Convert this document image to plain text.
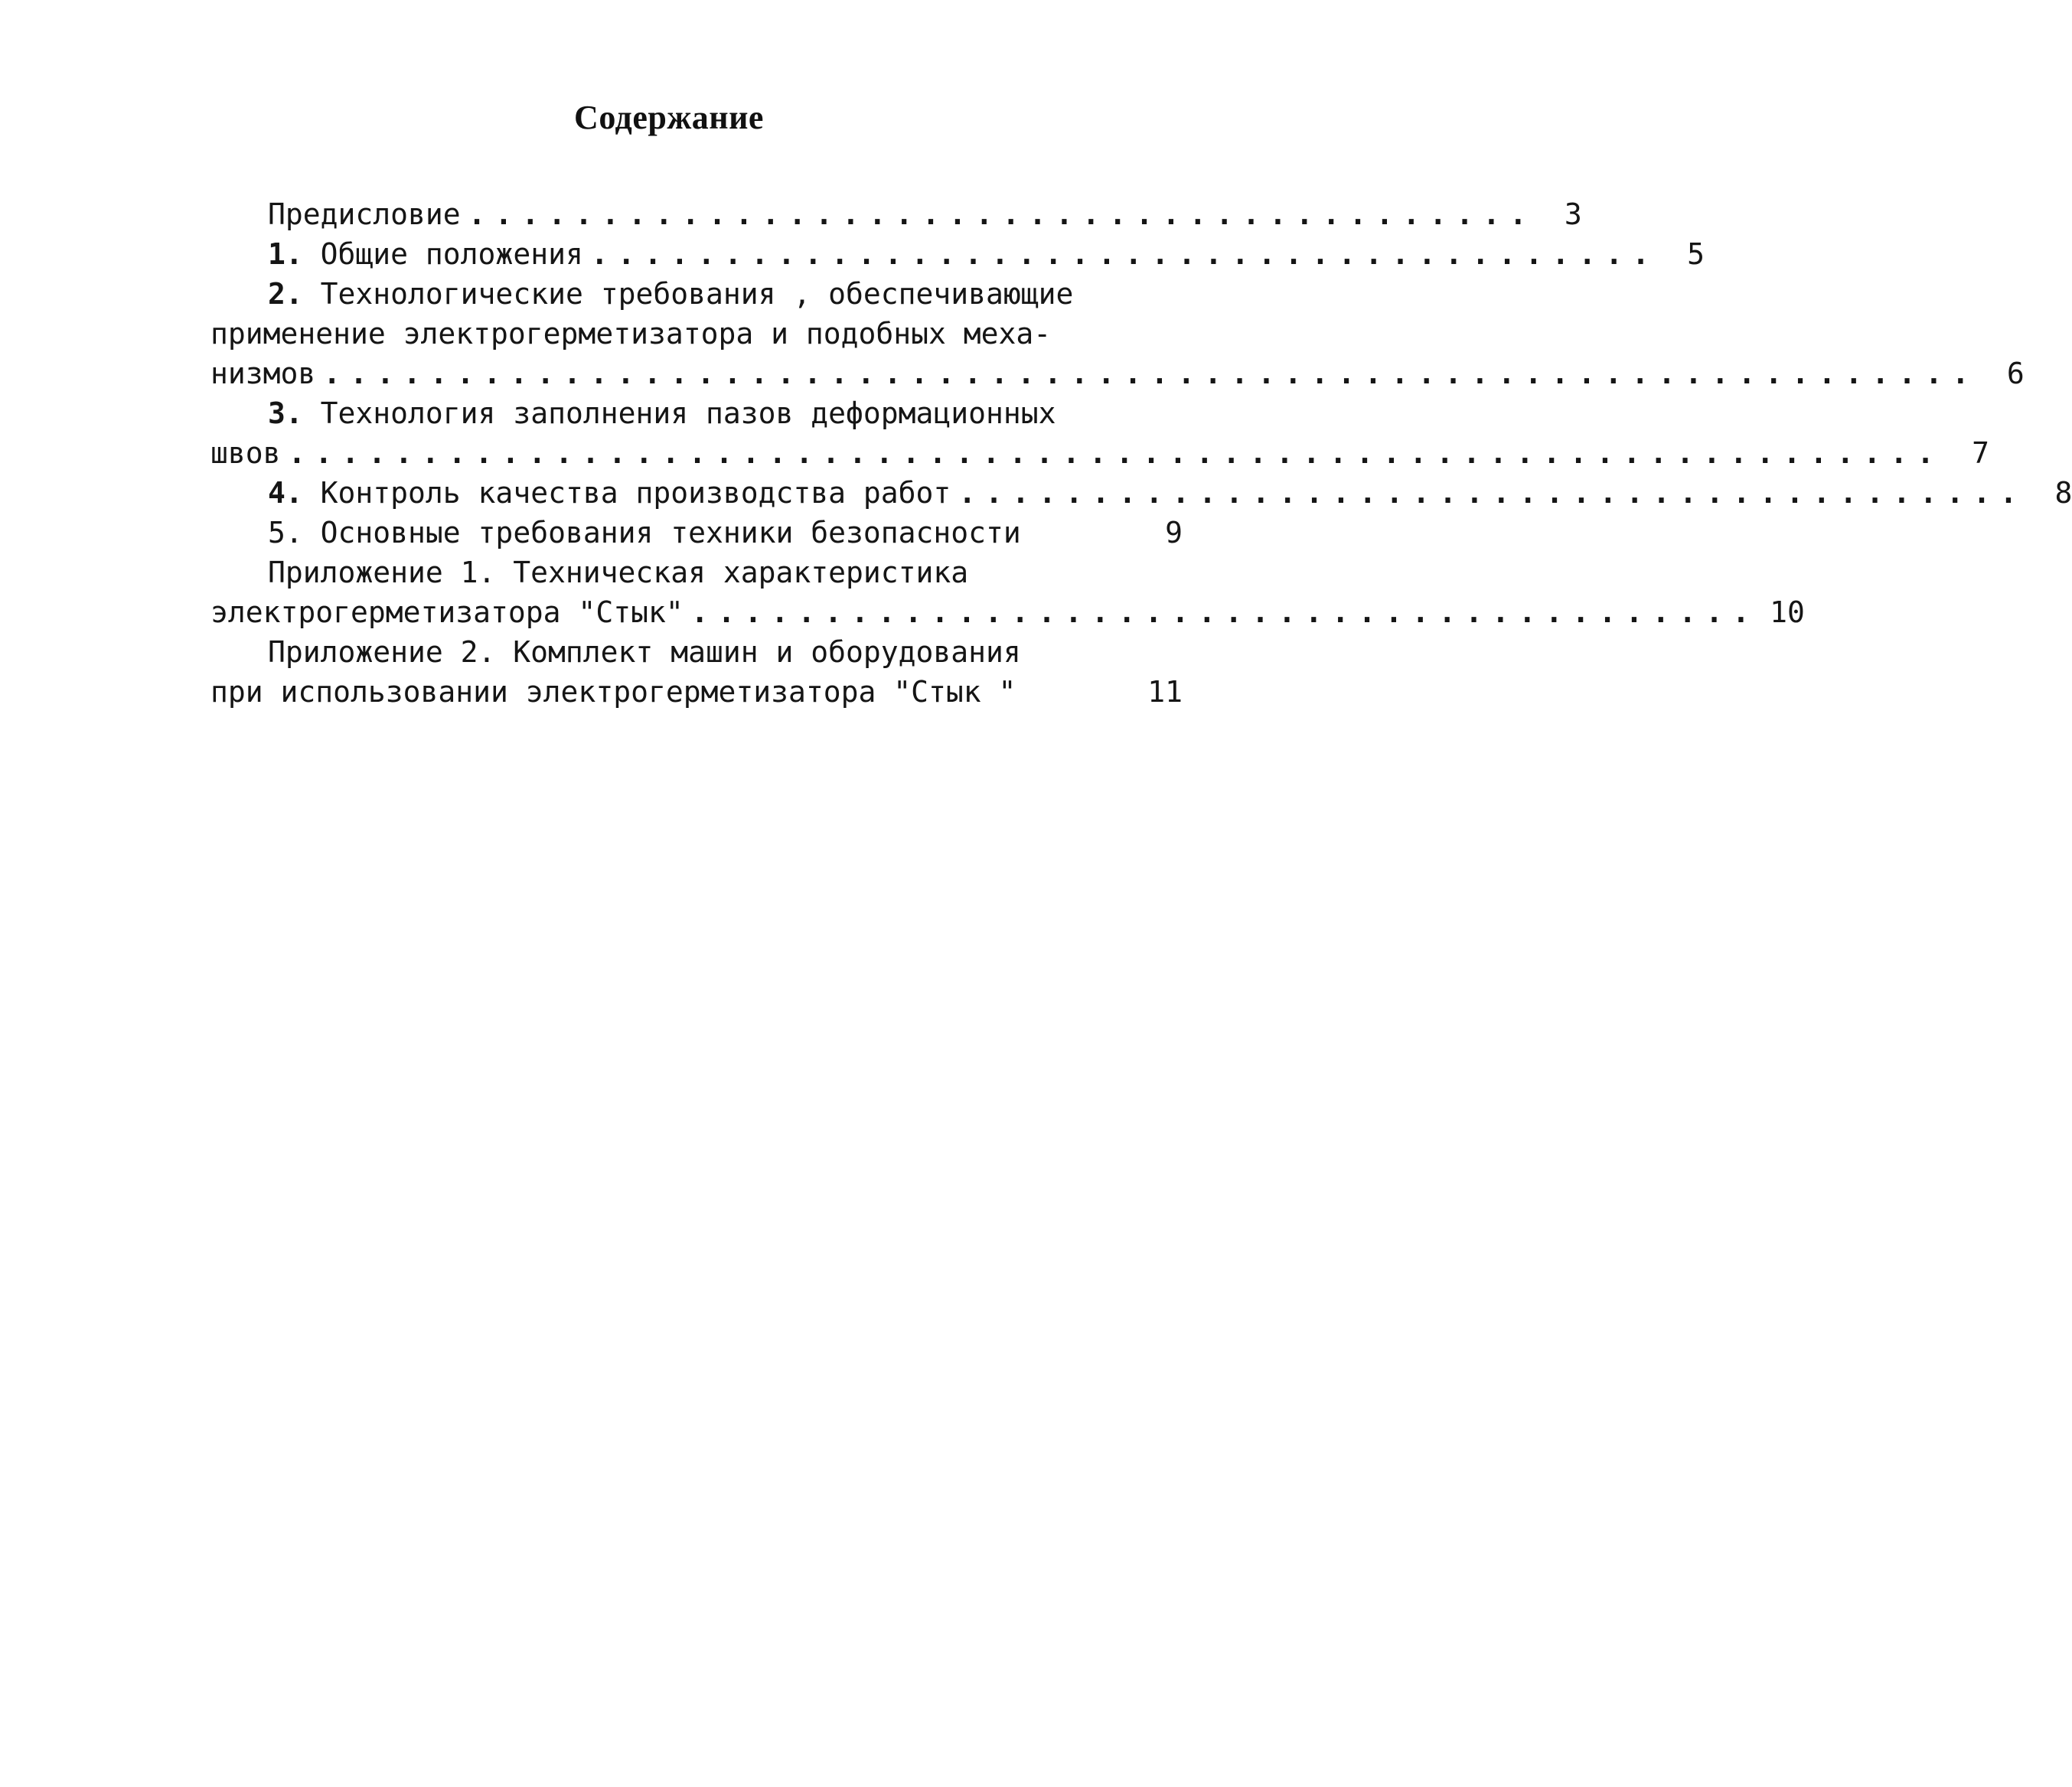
Содержание
Предисловие ........................................ 3
1. Общие положения ........................................ 5
2. Технологические требования , обеспечивающие
применение электрогерметизатора и подобных меха-
низмов .............................................................. 6
3. Технология заполнения пазов деформационных
швов .............................................................. 7
4. Контроль качества производства работ ........................................ 8
5. Основные требования техники безопасности	9
Приложение 1. Техническая характеристика
электрогерметизатора "Стык" ........................................ 10
Приложение 2. Комплект машин и оборудования
при использовании электрогерметизатора "Стык "	11
